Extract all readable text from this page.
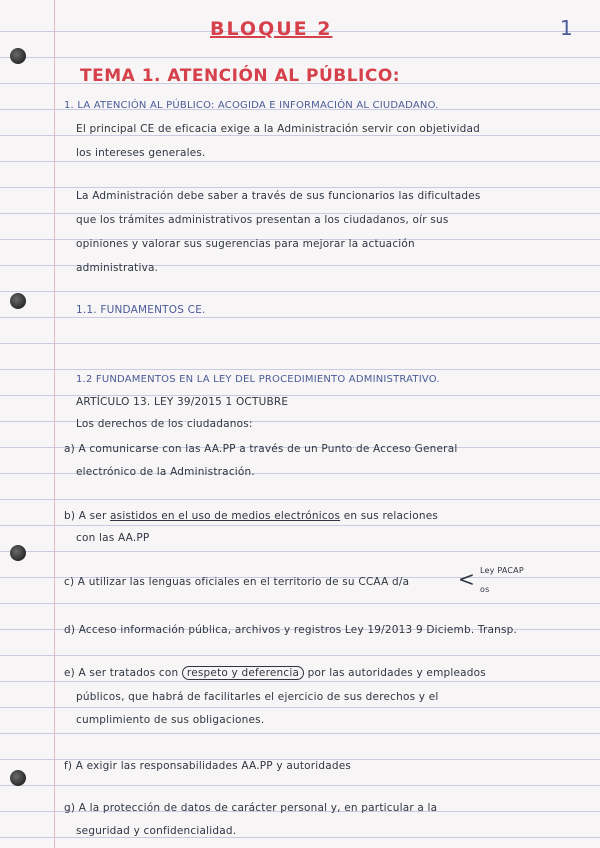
1

BLOQUE 2

TEMA 1. ATENCIÓN AL PÚBLICO:

1. LA ATENCIÓN AL PÚBLICO: ACOGIDA E INFORMACIÓN AL CIUDADANO.

El principal CE de eficacia exige a la Administración servir con objetividad

los intereses generales.

La Administración debe saber a través de sus funcionarios las dificultades

que los trámites administrativos presentan a los ciudadanos, oír sus

opiniones y valorar sus sugerencias para mejorar la actuación

administrativa.

1.1. FUNDAMENTOS CE.

1.2 FUNDAMENTOS EN LA LEY DEL PROCEDIMIENTO ADMINISTRATIVO.

ARTÍCULO 13. LEY 39/2015 1 OCTUBRE

Los derechos de los ciudadanos:

a) A comunicarse con las AA.PP a través de un Punto de Acceso General

electrónico de la Administración.

b) A ser asistidos en el uso de medios electrónicos en sus relaciones

con las AA.PP

c) A utilizar las lenguas oficiales en el territorio de su CCAA d/a < Ley PACAP

os

d) Acceso información pública, archivos y registros Ley 19/2013 9 Diciemb. Transp.

e) A ser tratados con respeto y deferencia por las autoridades y empleados

públicos, que habrá de facilitarles el ejercicio de sus derechos y el

cumplimiento de sus obligaciones.

f) A exigir las responsabilidades AA.PP y autoridades

g) A la protección de datos de carácter personal y, en particular a la

seguridad y confidencialidad.
